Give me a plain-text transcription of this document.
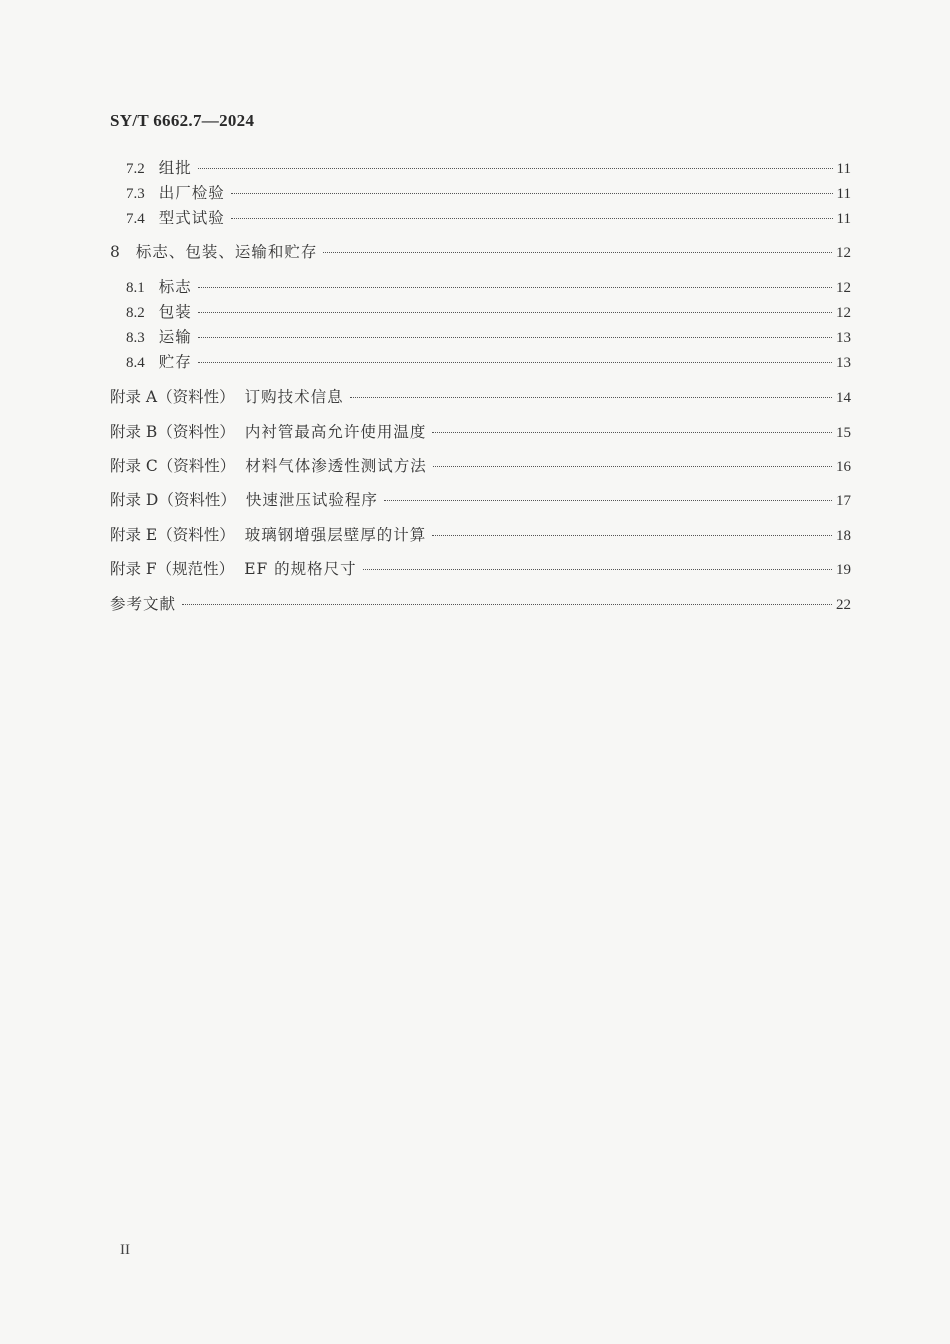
SY/T 6662.7—2024
7.2 组批	11
7.3 出厂检验	11
7.4 型式试验	11
8 标志、包装、运输和贮存	12
8.1 标志	12
8.2 包装	12
8.3 运输	13
8.4 贮存	13
附录 A（资料性） 订购技术信息	14
附录 B（资料性） 内衬管最高允许使用温度	15
附录 C（资料性） 材料气体渗透性测试方法	16
附录 D（资料性） 快速泄压试验程序	17
附录 E（资料性） 玻璃钢增强层壁厚的计算	18
附录 F（规范性） EF 的规格尺寸	19
参考文献	22
II
